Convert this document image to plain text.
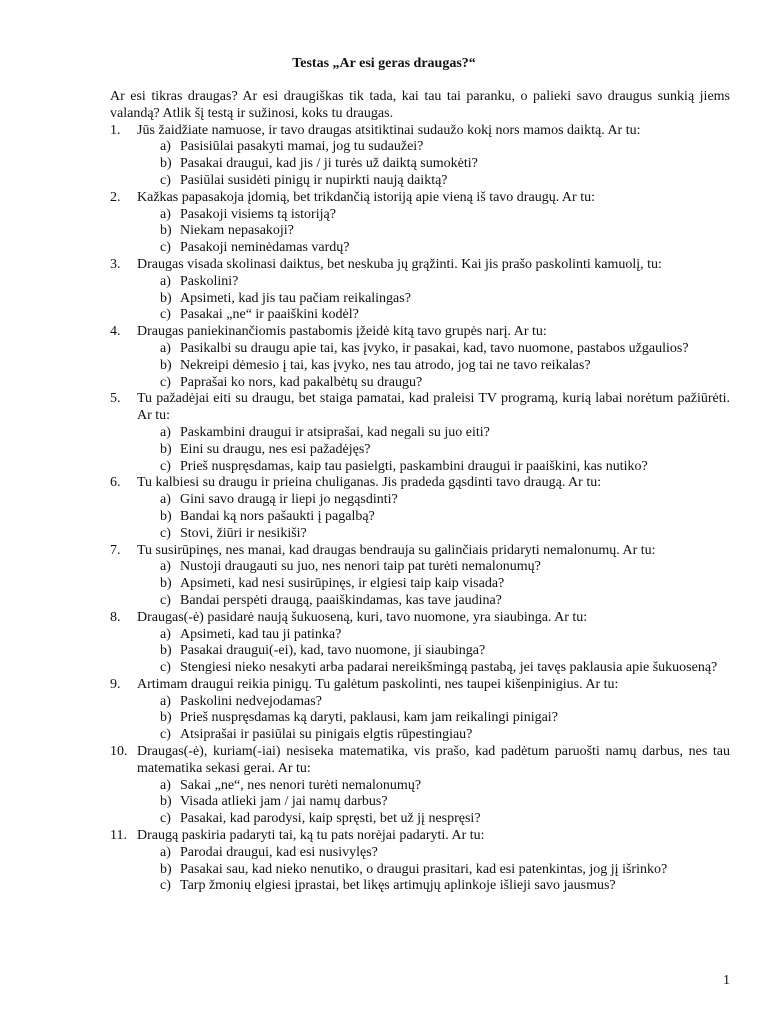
Testas „Ar esi geras draugas?“

Ar esi tikras draugas? Ar esi draugiškas tik tada, kai tau tai paranku, o palieki savo draugus sunkią jiems valandą? Atlik šį testą ir sužinosi, koks tu draugas.

1. Jūs žaidžiate namuose, ir tavo draugas atsitiktinai sudaužo kokį nors mamos daiktą. Ar tu:
a) Pasisiūlai pasakyti mamai, jog tu sudaužei?
b) Pasakai draugui, kad jis / ji turės už daiktą sumokėti?
c) Pasiūlai susidėti pinigų ir nupirkti naują daiktą?
2. Kažkas papasakoja įdomią, bet trikdančią istoriją apie vieną iš tavo draugų. Ar tu:
a) Pasakoji visiems tą istoriją?
b) Niekam nepasakoji?
c) Pasakoji neminėdamas vardų?
3. Draugas visada skolinasi daiktus, bet neskuba jų grąžinti. Kai jis prašo paskolinti kamuolį, tu:
a) Paskolini?
b) Apsimeti, kad jis tau pačiam reikalingas?
c) Pasakai „ne“ ir paaiškini kodėl?
4. Draugas paniekinančiomis pastabomis įžeidė kitą tavo grupės narį. Ar tu:
a) Pasikalbi su draugu apie tai, kas įvyko, ir pasakai, kad, tavo nuomone, pastabos užgaulios?
b) Nekreipi dėmesio į tai, kas įvyko, nes tau atrodo, jog tai ne tavo reikalas?
c) Paprašai ko nors, kad pakalbėtų su draugu?
5. Tu pažadėjai eiti su draugu, bet staiga pamatai, kad praleisi TV programą, kurią labai norėtum pažiūrėti. Ar tu:
a) Paskambini draugui ir atsiprašai, kad negali su juo eiti?
b) Eini su draugu, nes esi pažadėjęs?
c) Prieš nuspręsdamas, kaip tau pasielgti, paskambini draugui ir paaiškini, kas nutiko?
6. Tu kalbiesi su draugu ir prieina chuliganas. Jis pradeda gąsdinti tavo draugą. Ar tu:
a) Gini savo draugą ir liepi jo negąsdinti?
b) Bandai ką nors pašaukti į pagalbą?
c) Stovi, žiūri ir nesikiši?
7. Tu susirūpinęs, nes manai, kad draugas bendrauja su galinčiais pridaryti nemalonumų. Ar tu:
a) Nustoji draugauti su juo, nes nenori taip pat turėti nemalonumų?
b) Apsimeti, kad nesi susirūpinęs, ir elgiesi taip kaip visada?
c) Bandai perspėti draugą, paaiškindamas, kas tave jaudina?
8. Draugas(-ė) pasidarė naują šukuoseną, kuri, tavo nuomone, yra siaubinga. Ar tu:
a) Apsimeti, kad tau ji patinka?
b) Pasakai draugui(-ei), kad, tavo nuomone, ji siaubinga?
c) Stengiesi nieko nesakyti arba padarai nereikšmingą pastabą, jei tavęs paklausia apie šukuoseną?
9. Artimam draugui reikia pinigų. Tu galėtum paskolinti, nes taupei kišenpinigius. Ar tu:
a) Paskolini nedvejodamas?
b) Prieš nuspręsdamas ką daryti, paklausi, kam jam reikalingi pinigai?
c) Atsiprašai ir pasiūlai su pinigais elgtis rūpestingiau?
10. Draugas(-ė), kuriam(-iai) nesiseka matematika, vis prašo, kad padėtum paruošti namų darbus, nes tau matematika sekasi gerai. Ar tu:
a) Sakai „ne“, nes nenori turėti nemalonumų?
b) Visada atlieki jam / jai namų darbus?
c) Pasakai, kad parodysi, kaip spręsti, bet už jį nespręsi?
11. Draugą paskiria padaryti tai, ką tu pats norėjai padaryti. Ar tu:
a) Parodai draugui, kad esi nusivylęs?
b) Pasakai sau, kad nieko nenutiko, o draugui prasitari, kad esi patenkintas, jog jį išrinko?
c) Tarp žmonių elgiesi įprastai, bet likęs artimųjų aplinkoje išlieji savo jausmus?
1
